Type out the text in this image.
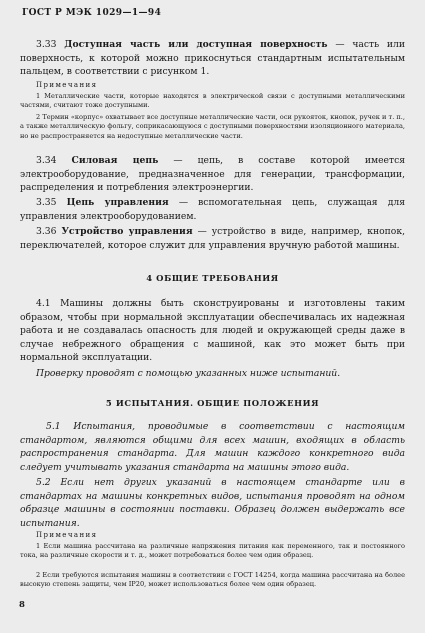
ГОСТ Р МЭК 1029—1—94

3.33 Доступная часть или доступная поверхность — часть или поверхность, к которой можно прикоснуться стандартным испытательным пальцем, в соответствии с рисунком 1.

Примечания

1 Металлические части, которые находятся в электрической связи с доступными металлическими частями, считают тоже доступными.

2 Термин «корпус» охватывает все доступные металлические части, оси рукояток, кнопок, ручек и т. п., а также металлическую фольгу, соприкасающуюся с доступными поверхностями изоляционного материала, но не распространяется на недоступные металлические части.

3.34 Силовая цепь — цепь, в составе которой имеется электрооборудование, предназначенное для генерации, трансформации, распределения и потребления электроэнергии.

3.35 Цепь управления — вспомогательная цепь, служащая для управления электрооборудованием.

3.36 Устройство управления — устройство в виде, например, кнопок, переключателей, которое служит для управления вручную работой машины.

4 ОБЩИЕ ТРЕБОВАНИЯ

4.1 Машины должны быть сконструированы и изготовлены таким образом, чтобы при нормальной эксплуатации обеспечивалась их надежная работа и не создавалась опасность для людей и окружающей среды даже в случае небрежного обращения с машиной, как это может быть при нормальной эксплуатации.

Проверку проводят с помощью указанных ниже испытаний.

5 ИСПЫТАНИЯ. ОБЩИЕ ПОЛОЖЕНИЯ

5.1 Испытания, проводимые в соответствии с настоящим стандартом, являются общими для всех машин, входящих в область распространения стандарта. Для машин каждого конкретного вида следует учитывать указания стандарта на машины этого вида.

5.2 Если нет других указаний в настоящем стандарте или в стандартах на машины конкретных видов, испытания проводят на одном образце машины в состоянии поставки. Образец должен выдержать все испытания.

Примечания

1 Если машина рассчитана на различные напряжения питания как переменного, так и постоянного тока, на различные скорости и т. д., может потребоваться более чем один образец.

2 Если требуются испытания машины в соответствии с ГОСТ 14254, когда машина рассчитана на более высокую степень защиты, чем IP20, может использоваться более чем один образец.

8
